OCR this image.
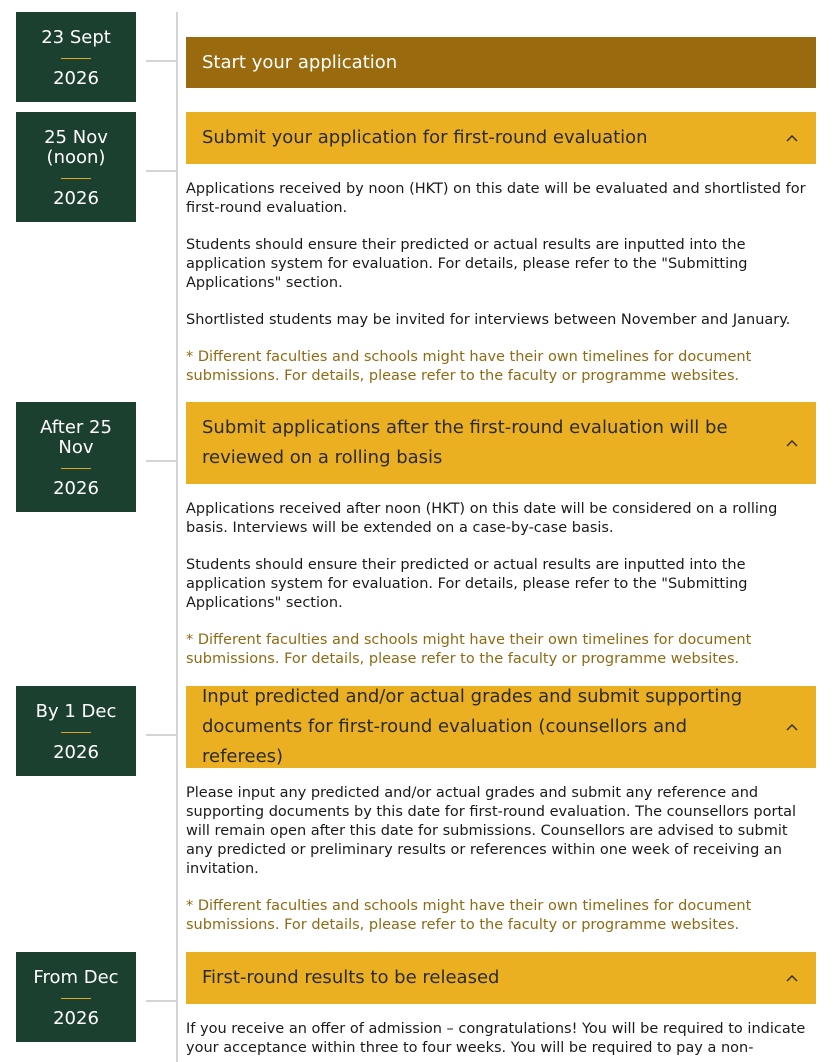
23 Sept
2026
Start your application
25 Nov
(noon)
2026
Submit your application for first-round evaluation

Applications received by noon (HKT) on this date will be evaluated and shortlisted for first-round evaluation.

Students should ensure their predicted or actual results are inputted into the application system for evaluation. For details, please refer to the "Submitting Applications" section.

Shortlisted students may be invited for interviews between November and January.

* Different faculties and schools might have their own timelines for document submissions. For details, please refer to the faculty or programme websites.

After 25
Nov
2026
Submit applications after the first-round evaluation will be reviewed on a rolling basis

Applications received after noon (HKT) on this date will be considered on a rolling basis. Interviews will be extended on a case-by-case basis.

Students should ensure their predicted or actual results are inputted into the application system for evaluation. For details, please refer to the "Submitting Applications" section.

* Different faculties and schools might have their own timelines for document submissions. For details, please refer to the faculty or programme websites.

By 1 Dec
2026
Input predicted and/or actual grades and submit supporting documents for first-round evaluation (counsellors and referees)

Please input any predicted and/or actual grades and submit any reference and supporting documents by this date for first-round evaluation. The counsellors portal will remain open after this date for submissions. Counsellors are advised to submit any predicted or preliminary results or references within one week of receiving an invitation.

* Different faculties and schools might have their own timelines for document submissions. For details, please refer to the faculty or programme websites.

From Dec
2026
First-round results to be released

If you receive an offer of admission – congratulations! You will be required to indicate your acceptance within three to four weeks. You will be required to pay a non-
